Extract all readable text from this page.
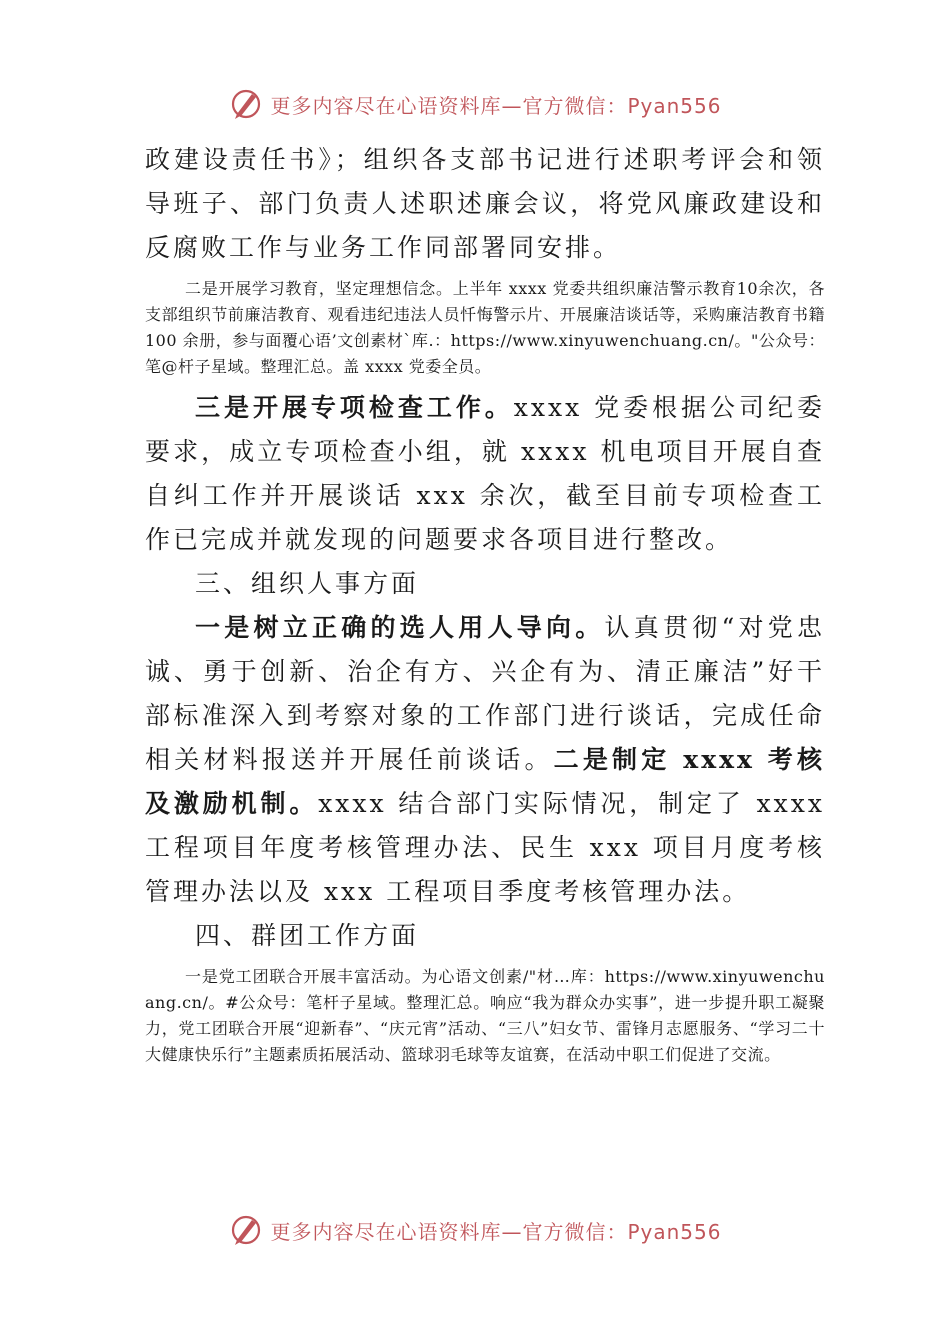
更多内容尽在心语资料库—官方微信：Pyan556

政建设责任书》；组织各支部书记进行述职考评会和领导班子、部门负责人述职述廉会议，将党风廉政建设和反腐败工作与业务工作同部署同安排。

二是开展学习教育，坚定理想信念。上半年 xxxx 党委共组织廉洁警示教育10余次，各支部组织节前廉洁教育、观看违纪违法人员忏悔警示片、开展廉洁谈话等，采购廉洁教育书籍 100 余册，参与面覆心语’文创素材`库.：https://www.xinyuwenchuang.cn/。"公众号：笔@杆子星域。整理汇总。盖 xxxx 党委全员。

三是开展专项检查工作。xxxx 党委根据公司纪委要求，成立专项检查小组，就 xxxx 机电项目开展自查自纠工作并开展谈话 xxx 余次，截至目前专项检查工作已完成并就发现的问题要求各项目进行整改。

三、组织人事方面

一是树立正确的选人用人导向。认真贯彻“对党忠诚、勇于创新、治企有方、兴企有为、清正廉洁”好干部标准深入到考察对象的工作部门进行谈话，完成任命相关材料报送并开展任前谈话。二是制定 xxxx 考核及激励机制。xxxx 结合部门实际情况，制定了 xxxx 工程项目年度考核管理办法、民生 xxx 项目月度考核管理办法以及 xxx 工程项目季度考核管理办法。

四、群团工作方面

一是党工团联合开展丰富活动。为心语文创素/"材…库：https://www.xinyuwenchuang.cn/。#公众号：笔杆子星域。整理汇总。响应“我为群众办实事”，进一步提升职工凝聚力，党工团联合开展“迎新春”、“庆元宵”活动、“三八”妇女节、雷锋月志愿服务、“学习二十大健康快乐行”主题素质拓展活动、篮球羽毛球等友谊赛，在活动中职工们促进了交流。

更多内容尽在心语资料库—官方微信：Pyan556
